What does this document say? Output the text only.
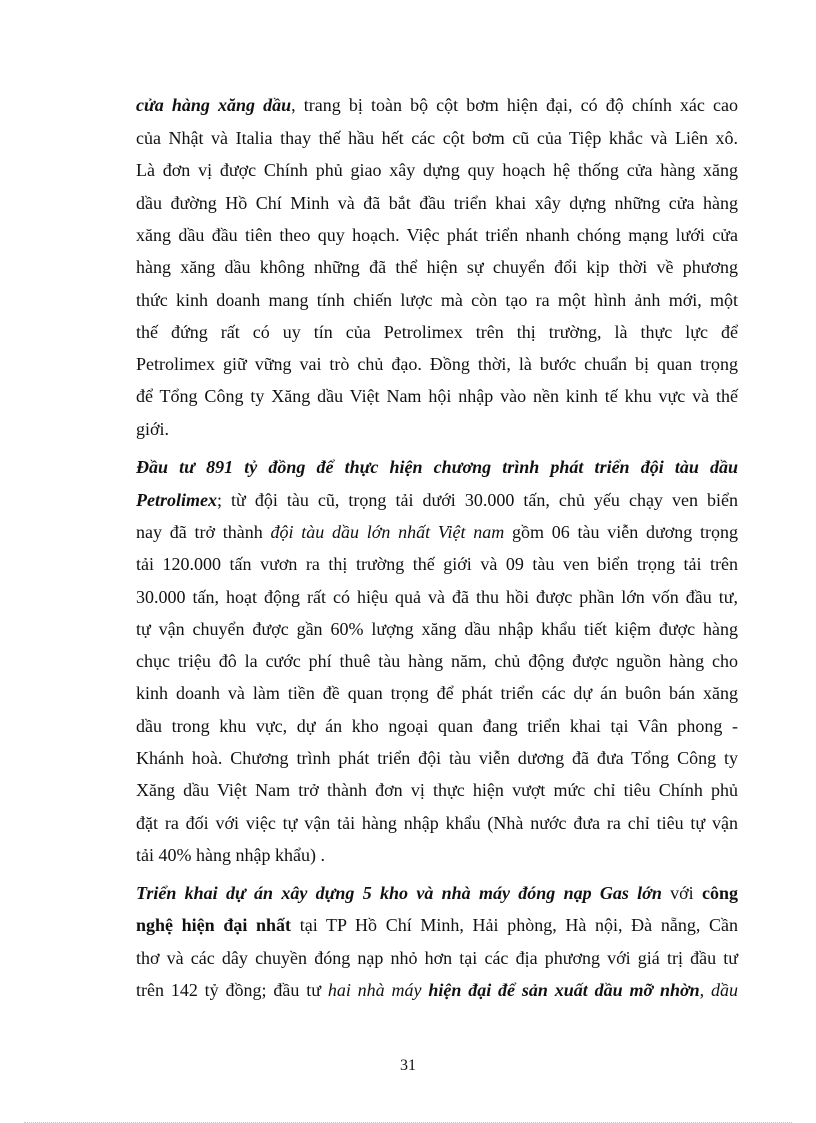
cửa hàng xăng dầu, trang bị toàn bộ cột bơm hiện đại, có độ chính xác cao
của Nhật và Italia thay thế hầu hết các cột bơm cũ của Tiệp khắc và Liên xô.
Là đơn vị được Chính phủ giao xây dựng quy hoạch hệ thống cửa hàng xăng
dầu đường Hồ Chí Minh và đã bắt đầu triển khai xây dựng những cửa hàng
xăng dầu đầu tiên theo quy hoạch. Việc phát triển nhanh chóng mạng lưới cửa
hàng xăng dầu không những đã thể hiện sự chuyển đổi kịp thời về phương
thức kinh doanh mang tính chiến lược mà còn tạo ra một hình ảnh mới, một
thế đứng rất có uy tín của Petrolimex trên thị trường, là thực lực để
Petrolimex giữ vững vai trò chủ đạo. Đồng thời, là bước chuẩn bị quan trọng
để Tổng Công ty Xăng dầu Việt Nam hội nhập vào nền kinh tế khu vực và thế
giới.
Đầu tư 891 tỷ đồng để thực hiện chương trình phát triển đội tàu dầu
Petrolimex; từ đội tàu cũ, trọng tải dưới 30.000 tấn, chủ yếu chạy ven biển
nay đã trở thành đội tàu dầu lớn nhất Việt nam gồm 06 tàu viễn dương trọng
tải 120.000 tấn vươn ra thị trường thế giới và 09 tàu ven biển trọng tải trên
30.000 tấn, hoạt động rất có hiệu quả và đã thu hồi được phần lớn vốn đầu tư,
tự vận chuyển được gần 60% lượng xăng dầu nhập khẩu tiết kiệm được hàng
chục triệu đô la cước phí thuê tàu hàng năm, chủ động được nguồn hàng cho
kinh doanh và làm tiền đề quan trọng để phát triển các dự án buôn bán xăng
dầu trong khu vực, dự án kho ngoại quan đang triển khai tại Vân phong -
Khánh hoà. Chương trình phát triển đội tàu viễn dương đã đưa Tổng Công ty
Xăng dầu Việt Nam trở thành đơn vị thực hiện vượt mức chỉ tiêu Chính phủ
đặt ra đối với việc tự vận tải hàng nhập khẩu (Nhà nước đưa ra chỉ tiêu tự vận
tải 40% hàng nhập khẩu) .
Triển khai dự án xây dựng 5 kho và nhà máy đóng nạp Gas lớn với công
nghệ hiện đại nhất tại TP Hồ Chí Minh, Hải phòng, Hà nội, Đà nẵng, Cần
thơ và các dây chuyền đóng nạp nhỏ hơn tại các địa phương với giá trị đầu tư
trên 142 tỷ đồng; đầu tư hai nhà máy hiện đại để sản xuất dầu mỡ nhờn, dầu
31
